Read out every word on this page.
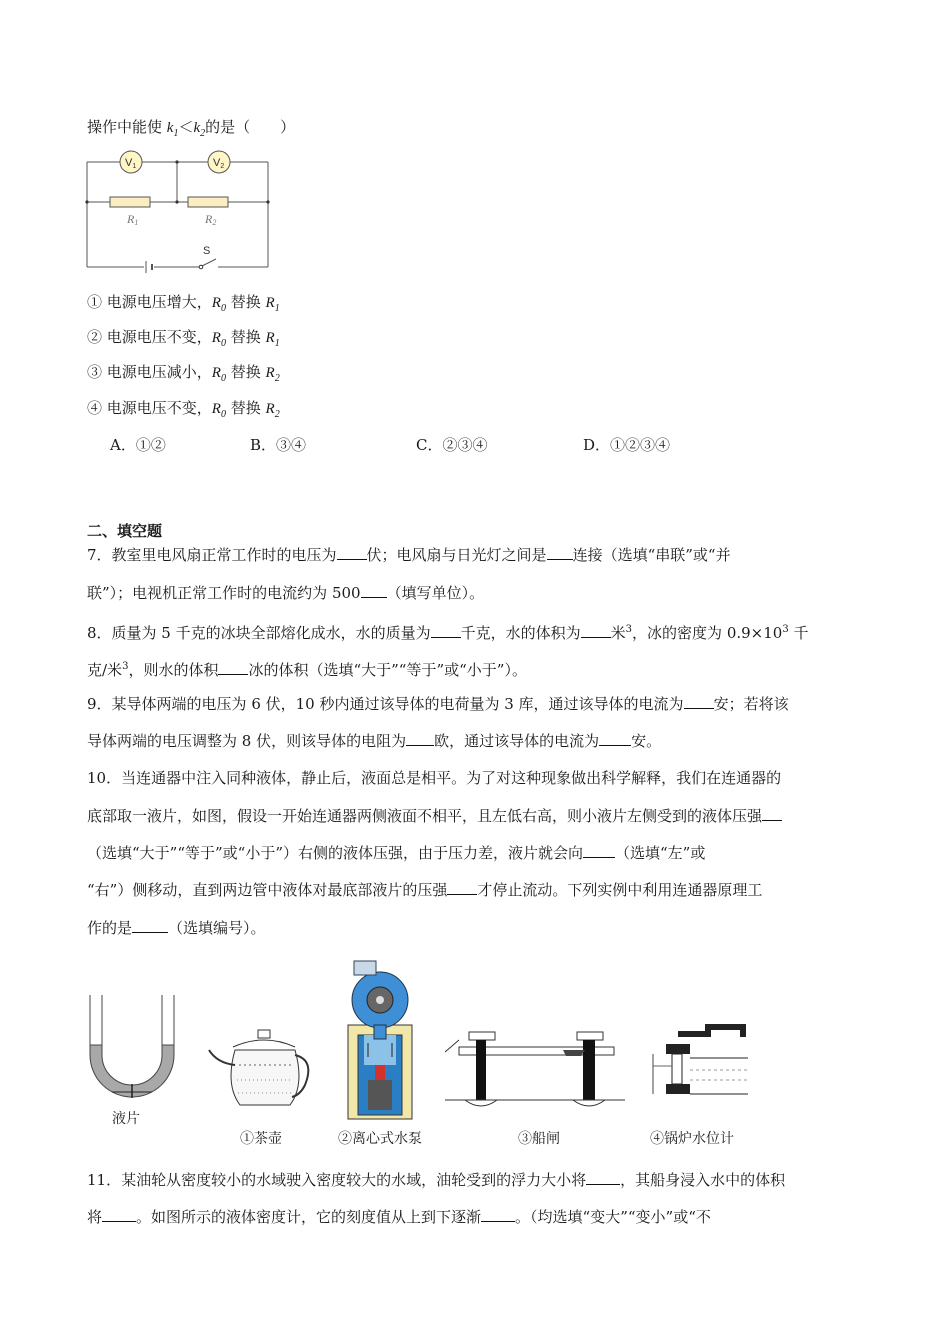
操作中能使 $k_1<k_2$的是（　　）
V1	V2
R1	R2
S
① 电源电压增大，$R_0$ 替换 $R_1$
② 电源电压不变，$R_0$ 替换 $R_1$
③ 电源电压减小，$R_0$ 替换 $R_2$
④ 电源电压不变，$R_0$ 替换 $R_2$
A．①②	B．③④	C．②③④	D．①②③④
二、填空题
7．教室里电风扇正常工作时的电压为 伏；电风扇与日光灯之间是 连接（选填“串联”或“并
联”）；电视机正常工作时的电流约为 500 （填写单位）。
8．质量为 5 千克的冰块全部熔化成水，水的质量为 千克，水的体积为 米$^3$，冰的密度为 $0.9\times 10^3$ 千
克/米$^3$，则水的体积 冰的体积（选填“大于”“等于”或“小于”）。
9．某导体两端的电压为 6 伏，10 秒内通过该导体的电荷量为 3 库，通过该导体的电流为 安；若将该
导体两端的电压调整为 8 伏，则该导体的电阻为 欧，通过该导体的电流为 安。
10．当连通器中注入同种液体，静止后，液面总是相平。为了对这种现象做出科学解释，我们在连通器的
底部取一液片，如图，假设一开始连通器两侧液面不相平，且左低右高，则小液片左侧受到的液体压强
（选填“大于”“等于”或“小于”）右侧的液体压强，由于压力差，液片就会向 （选填“左”或
“右”）侧移动，直到两边管中液体对最底部液片的压强 才停止流动。下列实例中利用连通器原理工
作的是 （选填编号）。
液片
①茶壶	②离心式水泵	③船闸	④锅炉水位计
11．某油轮从密度较小的水域驶入密度较大的水域，油轮受到的浮力大小将 ，其船身浸入水中的体积
将 。如图所示的液体密度计，它的刻度值从上到下逐渐 。（均选填“变大”“变小”或“不
